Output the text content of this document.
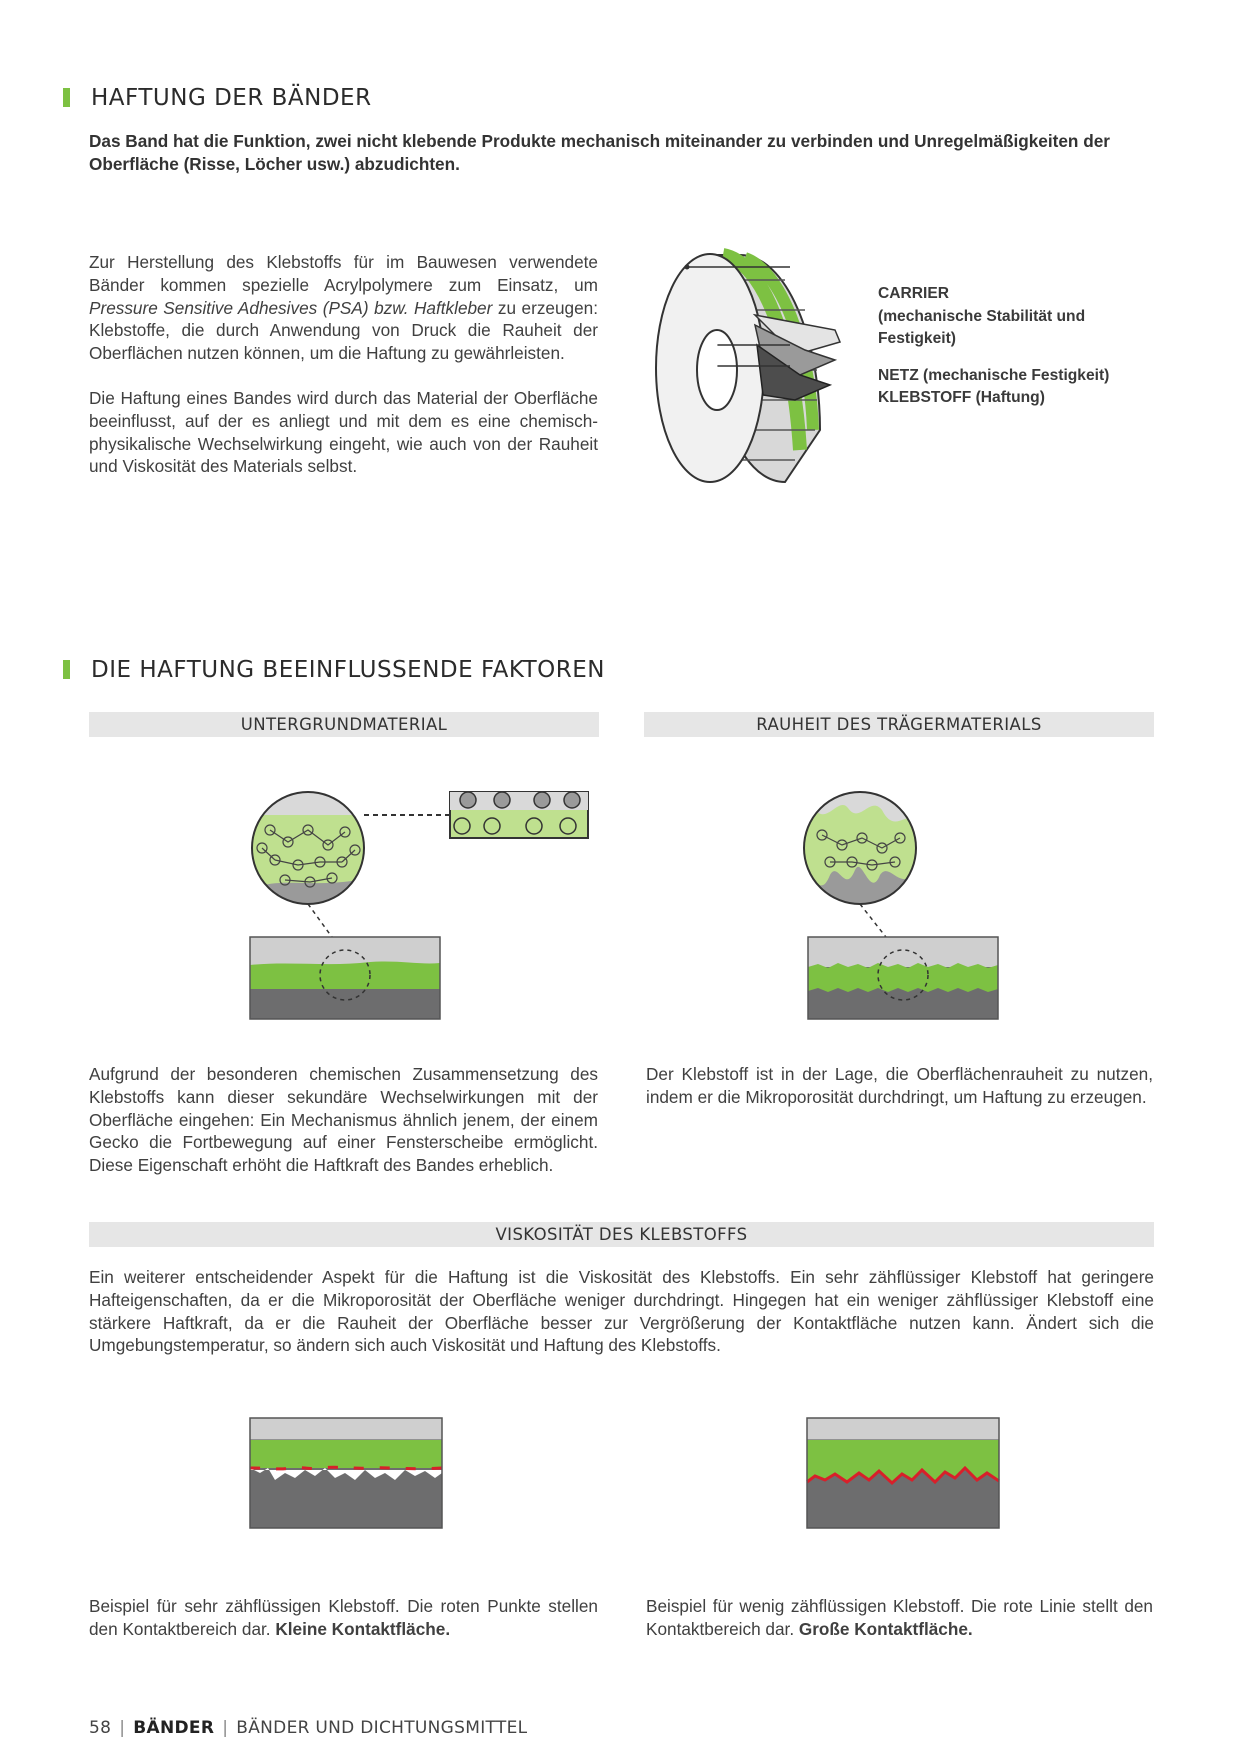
HAFTUNG DER BÄNDER
Das Band hat die Funktion, zwei nicht klebende Produkte mechanisch miteinander zu verbinden und Unregelmäßigkeiten der Oberfläche (Risse, Löcher usw.) abzudichten.

Zur Herstellung des Klebstoffs für im Bauwesen verwendete Bänder kommen spezielle Acrylpolymere zum Einsatz, um Pressure Sensitive Adhesives (PSA) bzw. Haftkleber zu erzeugen: Klebstoffe, die durch Anwendung von Druck die Rauheit der Oberflächen nutzen können, um die Haftung zu gewährleisten.

Die Haftung eines Bandes wird durch das Material der Oberfläche beeinflusst, auf der es anliegt und mit dem es eine chemisch-physikalische Wechselwirkung eingeht, wie auch von der Rauheit und Viskosität des Materials selbst.

CARRIER
(mechanische Stabilität und
Festigkeit)
NETZ (mechanische Festigkeit)
KLEBSTOFF (Haftung)
DIE HAFTUNG BEEINFLUSSENDE FAKTOREN
UNTERGRUNDMATERIAL	RAUHEIT DES TRÄGERMATERIALS
Aufgrund der besonderen chemischen Zusammensetzung des Klebstoffs kann dieser sekundäre Wechselwirkungen mit der Oberfläche eingehen: Ein Mechanismus ähnlich jenem, der einem Gecko die Fortbewegung auf einer Fensterscheibe ermöglicht. Diese Eigenschaft erhöht die Haftkraft des Bandes erheblich.
Der Klebstoff ist in der Lage, die Oberflächenrauheit zu nutzen, indem er die Mikroporosität durchdringt, um Haftung zu erzeugen.
VISKOSITÄT DES KLEBSTOFFS
Ein weiterer entscheidender Aspekt für die Haftung ist die Viskosität des Klebstoffs. Ein sehr zähflüssiger Klebstoff hat geringere Hafteigenschaften, da er die Mikroporosität der Oberfläche weniger durchdringt. Hingegen hat ein weniger zähflüssiger Klebstoff eine stärkere Haftkraft, da er die Rauheit der Oberfläche besser zur Vergrößerung der Kontaktfläche nutzen kann. Ändert sich die Umgebungstemperatur, so ändern sich auch Viskosität und Haftung des Klebstoffs.
Beispiel für sehr zähflüssigen Klebstoff. Die roten Punkte stellen den Kontaktbereich dar. Kleine Kontaktfläche.
Beispiel für wenig zähflüssigen Klebstoff. Die rote Linie stellt den Kontaktbereich dar. Große Kontaktfläche.
58 | BÄNDER | BÄNDER UND DICHTUNGSMITTEL
